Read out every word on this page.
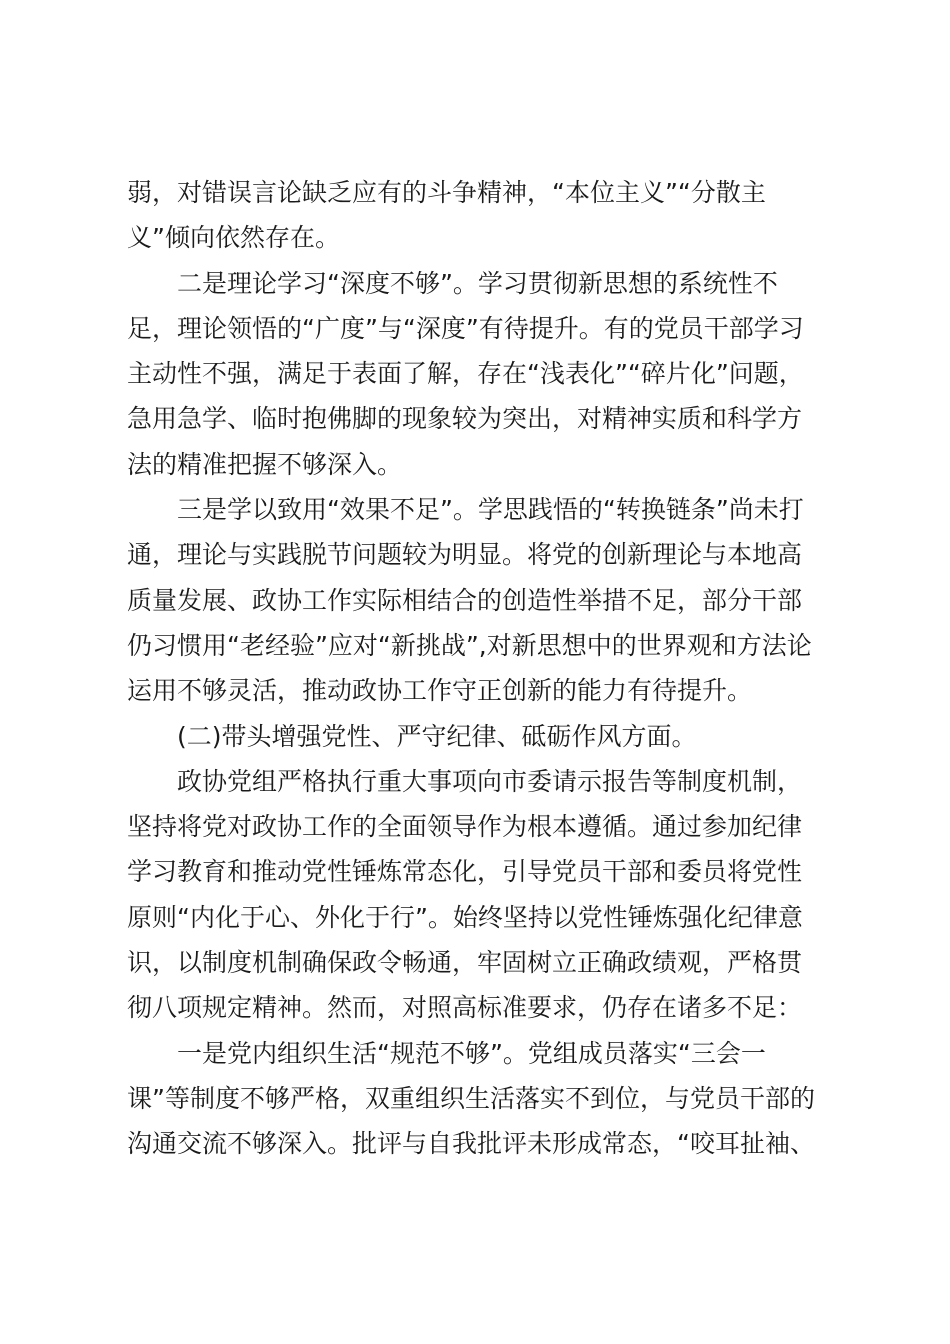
弱，对错误言论缺乏应有的斗争精神，“本位主义”“分散主
义”倾向依然存在。
二是理论学习“深度不够”。学习贯彻新思想的系统性不
足，理论领悟的“广度”与“深度”有待提升。有的党员干部学习
主动性不强，满足于表面了解，存在“浅表化”“碎片化”问题，
急用急学、临时抱佛脚的现象较为突出，对精神实质和科学方
法的精准把握不够深入。
三是学以致用“效果不足”。学思践悟的“转换链条”尚未打
通，理论与实践脱节问题较为明显。将党的创新理论与本地高
质量发展、政协工作实际相结合的创造性举措不足，部分干部
仍习惯用“老经验”应对“新挑战”,对新思想中的世界观和方法论
运用不够灵活，推动政协工作守正创新的能力有待提升。
(二)带头增强党性、严守纪律、砥砺作风方面。
政协党组严格执行重大事项向市委请示报告等制度机制，
坚持将党对政协工作的全面领导作为根本遵循。通过参加纪律
学习教育和推动党性锤炼常态化，引导党员干部和委员将党性
原则“内化于心、外化于行”。始终坚持以党性锤炼强化纪律意
识，以制度机制确保政令畅通，牢固树立正确政绩观，严格贯
彻八项规定精神。然而，对照高标准要求，仍存在诸多不足：
一是党内组织生活“规范不够”。党组成员落实“三会一
课”等制度不够严格，双重组织生活落实不到位，与党员干部的
沟通交流不够深入。批评与自我批评未形成常态，“咬耳扯袖、
